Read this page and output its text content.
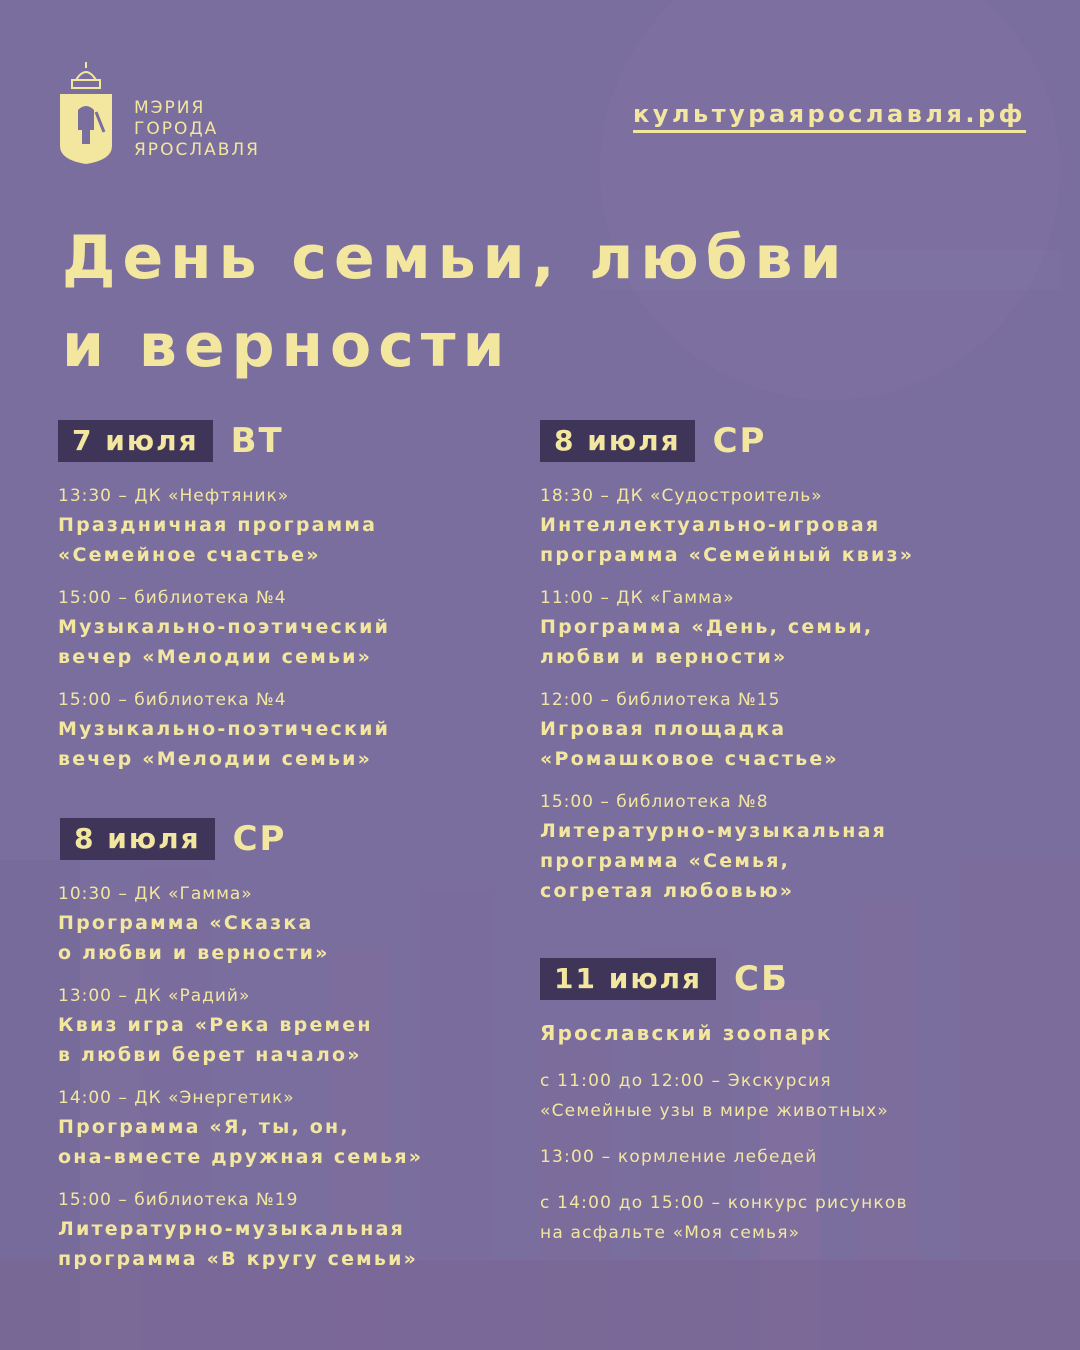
МЭРИЯ
ГОРОДА
ЯРОСЛАВЛЯ
культураярославля.рф
День семьи, любви
и верности
7 июля ВТ
13:30 – ДК «Нефтяник»
Праздничная программа
«Семейное счастье»
15:00 – библиотека №4
Музыкально-поэтический
вечер «Мелодии семьи»
15:00 – библиотека №4
Музыкально-поэтический
вечер «Мелодии семьи»
8 июля СР
10:30 – ДК «Гамма»
Программа «Сказка
о любви и верности»
13:00 – ДК «Радий»
Квиз игра «Река времен
в любви берет начало»
14:00 – ДК «Энергетик»
Программа «Я, ты, он,
она-вместе дружная семья»
15:00 – библиотека №19
Литературно-музыкальная
программа «В кругу семьи»
8 июля СР
18:30 – ДК «Судостроитель»
Интеллектуально-игровая
программа «Семейный квиз»
11:00 – ДК «Гамма»
Программа «День, семьи,
любви и верности»
12:00 – библиотека №15
Игровая площадка
«Ромашковое счастье»
15:00 – библиотека №8
Литературно-музыкальная
программа «Семья,
согретая любовью»
11 июля СБ
Ярославский зоопарк
с 11:00 до 12:00 – Экскурсия
«Семейные узы в мире животных»
13:00 – кормление лебедей
с 14:00 до 15:00 – конкурс рисунков
на асфальте «Моя семья»
